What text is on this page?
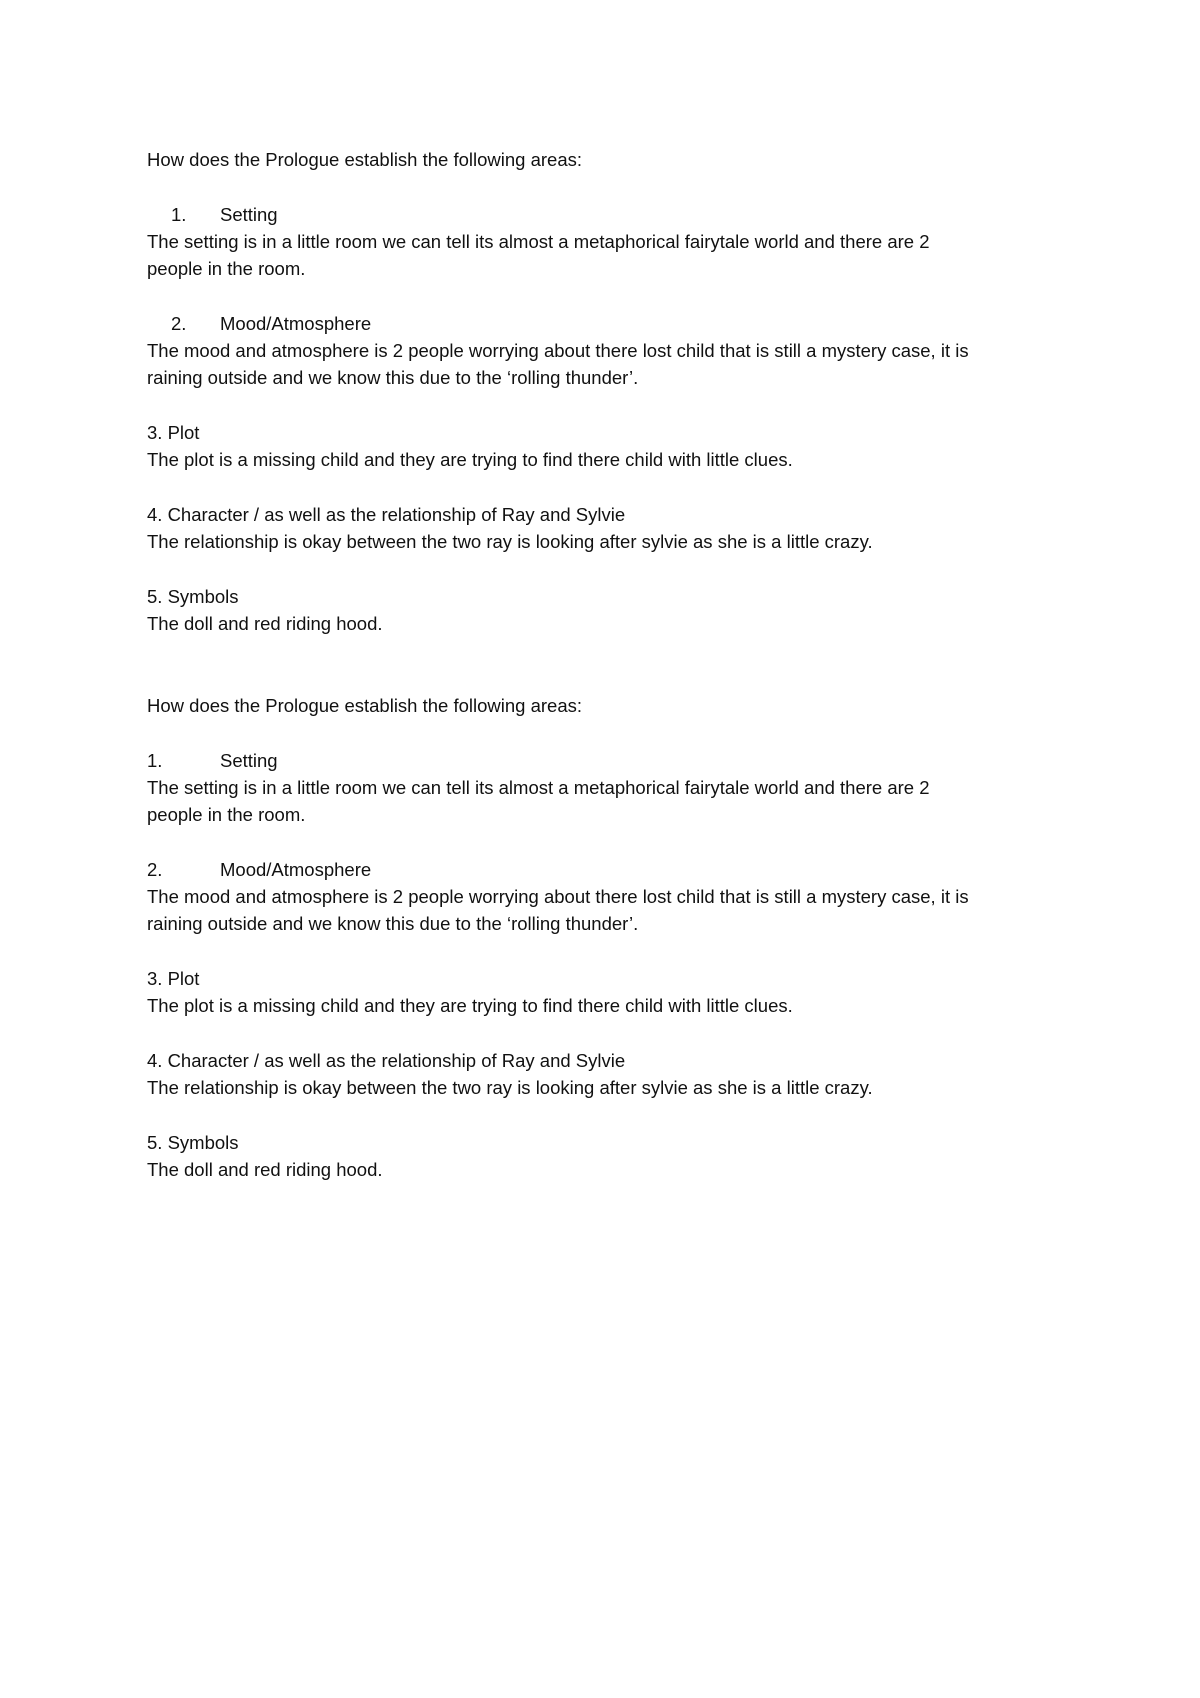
How does the Prologue establish the following areas:
1.	Setting
The setting is in a little room we can tell its almost a metaphorical fairytale world and there are 2
people in the room.
2.	Mood/Atmosphere
The mood and atmosphere is 2 people worrying about there lost child that is still a mystery case, it is
raining outside and we know this due to the ‘rolling thunder’.
3. Plot
The plot is a missing child and they are trying to find there child with little clues.
4. Character / as well as the relationship of Ray and Sylvie
The relationship is okay between the two ray is looking after sylvie as she is a little crazy.
5. Symbols
The doll and red riding hood.
How does the Prologue establish the following areas:
1.	Setting
The setting is in a little room we can tell its almost a metaphorical fairytale world and there are 2
people in the room.
2.	Mood/Atmosphere
The mood and atmosphere is 2 people worrying about there lost child that is still a mystery case, it is
raining outside and we know this due to the ‘rolling thunder’.
3. Plot
The plot is a missing child and they are trying to find there child with little clues.
4. Character / as well as the relationship of Ray and Sylvie
The relationship is okay between the two ray is looking after sylvie as she is a little crazy.
5. Symbols
The doll and red riding hood.
